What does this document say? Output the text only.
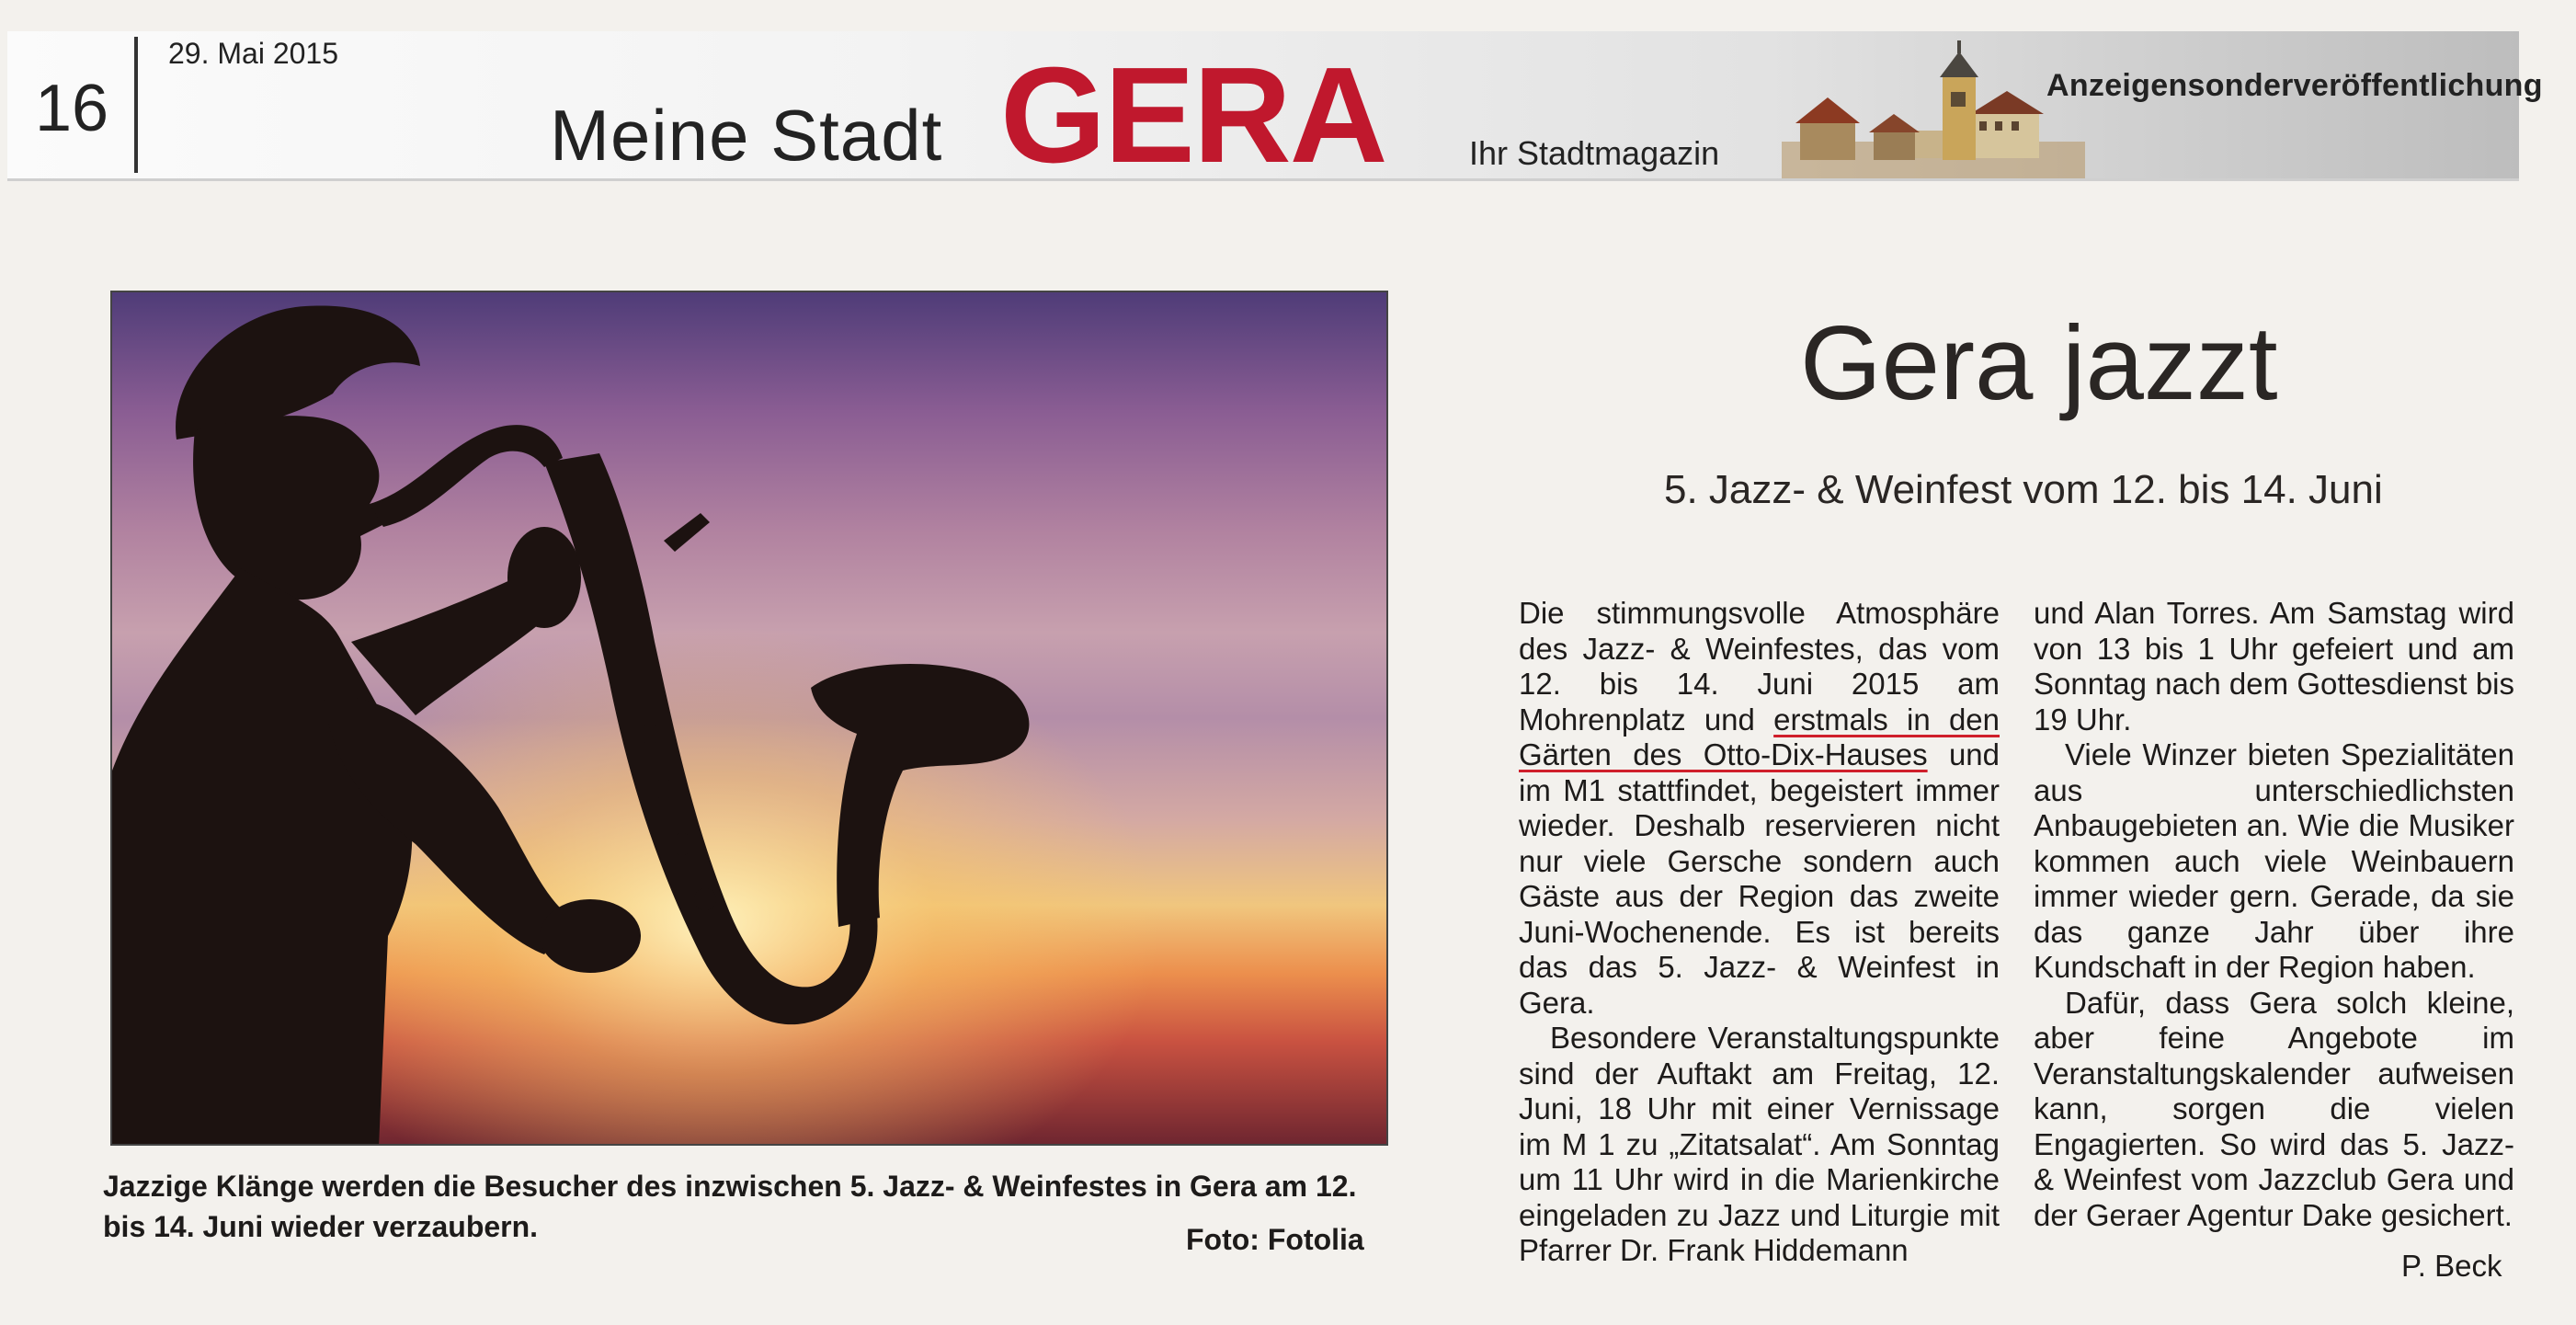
16
29. Mai 2015
Meine Stadt GERA	Ihr Stadtmagazin
Anzeigensonderveröffentlichung
Jazzige Klänge werden die Besucher des inzwischen 5. Jazz- & Weinfestes in Gera am 12. bis 14. Juni wieder verzaubern.	Foto: Fotolia
Gera jazzt
5. Jazz- & Weinfest vom 12. bis 14. Juni

Die stimmungsvolle Atmosphäre des Jazz- & Weinfestes, das vom 12. bis 14. Juni 2015 am Mohrenplatz und erstmals in den Gärten des Otto-Dix-Hauses und im M1 stattfindet, begeistert immer wieder. Deshalb reservieren nicht nur viele Gersche sondern auch Gäste aus der Region das zweite Juni-Wochenende. Es ist bereits das das 5. Jazz- & Weinfest in Gera.

Besondere Veranstaltungspunkte sind der Auftakt am Freitag, 12. Juni, 18 Uhr mit einer Vernissage im M 1 zu „Zitatsalat“. Am Sonntag um 11 Uhr wird in die Marienkirche eingeladen zu Jazz und Liturgie mit Pfarrer Dr. Frank Hiddemann

und Alan Torres. Am Samstag wird von 13 bis 1 Uhr gefeiert und am Sonntag nach dem Gottesdienst bis 19 Uhr.

Viele Winzer bieten Spezialitäten aus unterschiedlichsten Anbaugebieten an. Wie die Musiker kommen auch viele Weinbauern immer wieder gern. Gerade, da sie das ganze Jahr über ihre Kundschaft in der Region haben.

Dafür, dass Gera solch kleine, aber feine Angebote im Veranstaltungskalender aufweisen kann, sorgen die vielen Engagierten. So wird das 5. Jazz- & Weinfest vom Jazzclub Gera und der Geraer Agentur Dake gesichert.

P. Beck
